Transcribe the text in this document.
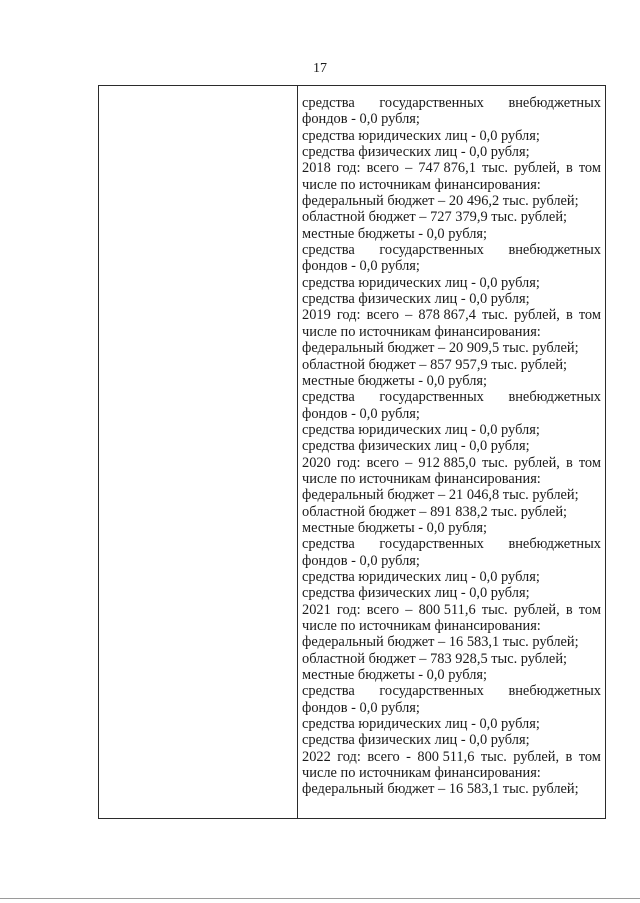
17
средства государственных внебюджетных
фондов - 0,0 рубля;
средства юридических лиц - 0,0 рубля;
средства физических лиц - 0,0 рубля;
2018 год: всего – 747 876,1 тыс. рублей, в том
числе по источникам финансирования:
федеральный бюджет – 20 496,2 тыс. рублей;
областной бюджет – 727 379,9 тыс. рублей;
местные бюджеты - 0,0 рубля;
средства государственных внебюджетных
фондов - 0,0 рубля;
средства юридических лиц - 0,0 рубля;
средства физических лиц - 0,0 рубля;
2019 год: всего – 878 867,4 тыс. рублей, в том
числе по источникам финансирования:
федеральный бюджет – 20 909,5 тыс. рублей;
областной бюджет – 857 957,9 тыс. рублей;
местные бюджеты - 0,0 рубля;
средства государственных внебюджетных
фондов - 0,0 рубля;
средства юридических лиц - 0,0 рубля;
средства физических лиц - 0,0 рубля;
2020 год: всего – 912 885,0 тыс. рублей, в том
числе по источникам финансирования:
федеральный бюджет – 21 046,8 тыс. рублей;
областной бюджет – 891 838,2 тыс. рублей;
местные бюджеты - 0,0 рубля;
средства государственных внебюджетных
фондов - 0,0 рубля;
средства юридических лиц - 0,0 рубля;
средства физических лиц - 0,0 рубля;
2021 год: всего – 800 511,6 тыс. рублей, в том
числе по источникам финансирования:
федеральный бюджет – 16 583,1 тыс. рублей;
областной бюджет – 783 928,5 тыс. рублей;
местные бюджеты - 0,0 рубля;
средства государственных внебюджетных
фондов - 0,0 рубля;
средства юридических лиц - 0,0 рубля;
средства физических лиц - 0,0 рубля;
2022 год: всего - 800 511,6 тыс. рублей, в том
числе по источникам финансирования:
федеральный бюджет – 16 583,1 тыс. рублей;
